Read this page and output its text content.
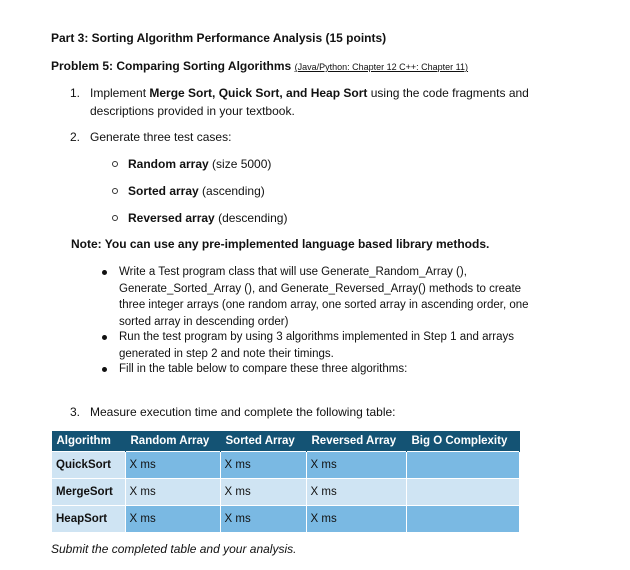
Part 3: Sorting Algorithm Performance Analysis (15 points)
Problem 5: Comparing Sorting Algorithms (Java/Python: Chapter 12 C++: Chapter 11)
1. Implement Merge Sort, Quick Sort, and Heap Sort using the code fragments and descriptions provided in your textbook.
2. Generate three test cases:
Random array (size 5000)
Sorted array (ascending)
Reversed array (descending)
Note: You can use any pre-implemented language based library methods.
Write a Test program class that will use Generate_Random_Array (), Generate_Sorted_Array (), and Generate_Reversed_Array() methods to create three integer arrays (one random array, one sorted array in ascending order, one sorted array in descending order)
Run the test program by using 3 algorithms implemented in Step 1 and arrays generated in step 2 and note their timings.
Fill in the table below to compare these three algorithms:
3. Measure execution time and complete the following table:
Algorithm	Random Array	Sorted Array	Reversed Array	Big O Complexity
QuickSort	X ms	X ms	X ms	
MergeSort	X ms	X ms	X ms	
HeapSort	X ms	X ms	X ms	
Submit the completed table and your analysis.
